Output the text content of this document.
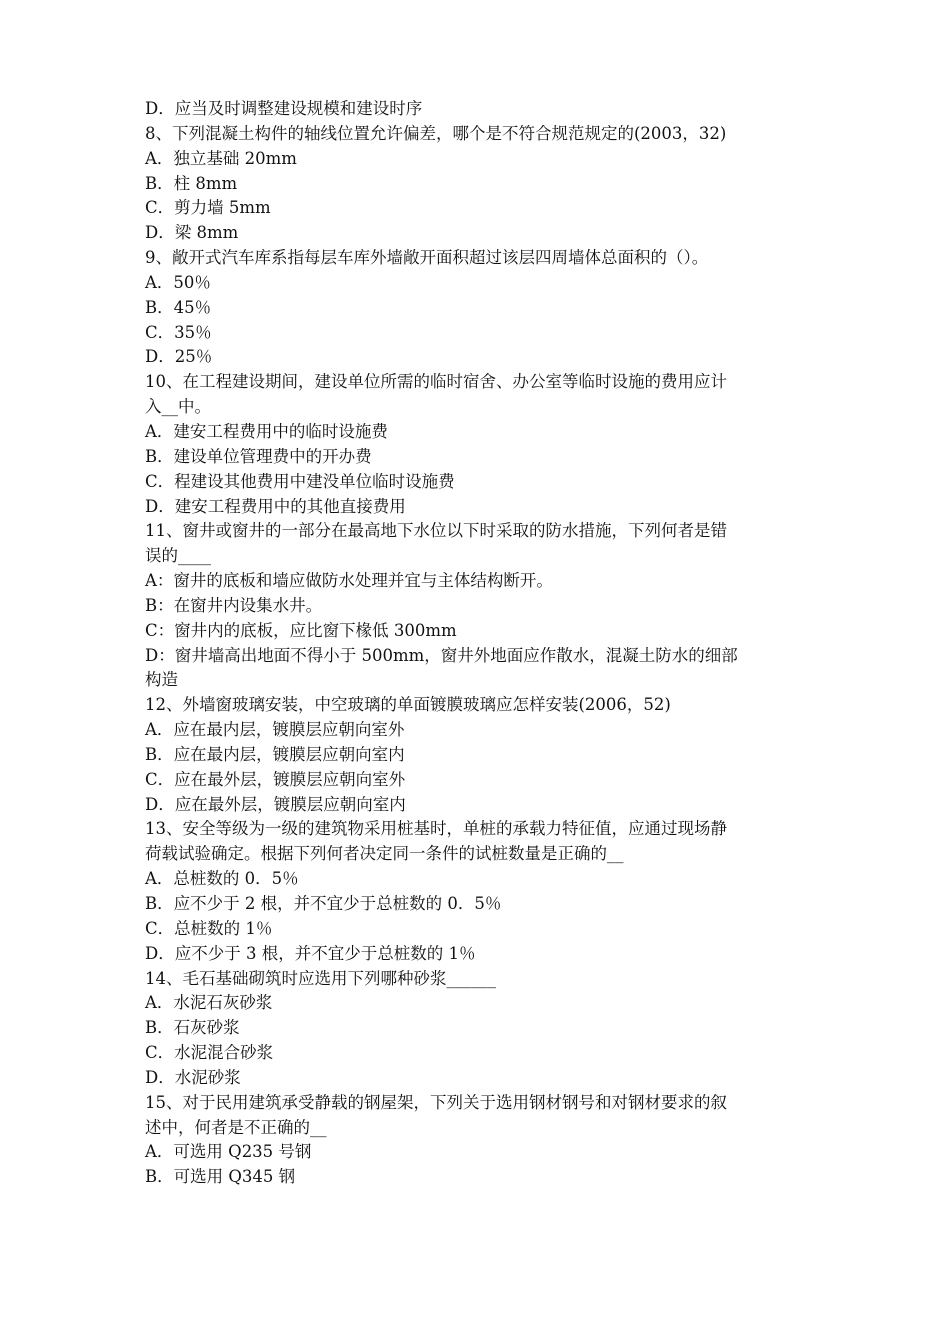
D．应当及时调整建设规模和建设时序
8、下列混凝土构件的轴线位置允许偏差，哪个是不符合规范规定的(2003，32)
A．独立基础 20mm
B．柱 8mm
C．剪力墙 5mm
D．梁 8mm
9、敞开式汽车库系指每层车库外墙敞开面积超过该层四周墙体总面积的（）。
A．50％
B．45％
C．35％
D．25％
10、在工程建设期间，建设单位所需的临时宿舍、办公室等临时设施的费用应计
入__中。
A．建安工程费用中的临时设施费
B．建设单位管理费中的开办费
C．程建设其他费用中建没单位临时设施费
D．建安工程费用中的其他直接费用
11、窗井或窗井的一部分在最高地下水位以下时采取的防水措施，下列何者是错
误的____
A：窗井的底板和墙应做防水处理并宜与主体结构断开。
B：在窗井内设集水井。
C：窗井内的底板，应比窗下椽低 300mm
D：窗井墙高出地面不得小于 500mm，窗井外地面应作散水，混凝土防水的细部
构造
12、外墙窗玻璃安装，中空玻璃的单面镀膜玻璃应怎样安装(2006，52)
A．应在最内层，镀膜层应朝向室外
B．应在最内层，镀膜层应朝向室内
C．应在最外层，镀膜层应朝向室外
D．应在最外层，镀膜层应朝向室内
13、安全等级为一级的建筑物采用桩基时，单桩的承载力特征值，应通过现场静
荷载试验确定。根据下列何者决定同一条件的试桩数量是正确的__
A．总桩数的 0．5％
B．应不少于 2 根，并不宜少于总桩数的 0．5％
C．总桩数的 1％
D．应不少于 3 根，并不宜少于总桩数的 1％
14、毛石基础砌筑时应选用下列哪种砂浆______
A．水泥石灰砂浆
B．石灰砂浆
C．水泥混合砂浆
D．水泥砂浆
15、对于民用建筑承受静载的钢屋架，下列关于选用钢材钢号和对钢材要求的叙
述中，何者是不正确的__
A．可选用 Q235 号钢
B．可选用 Q345 钢
